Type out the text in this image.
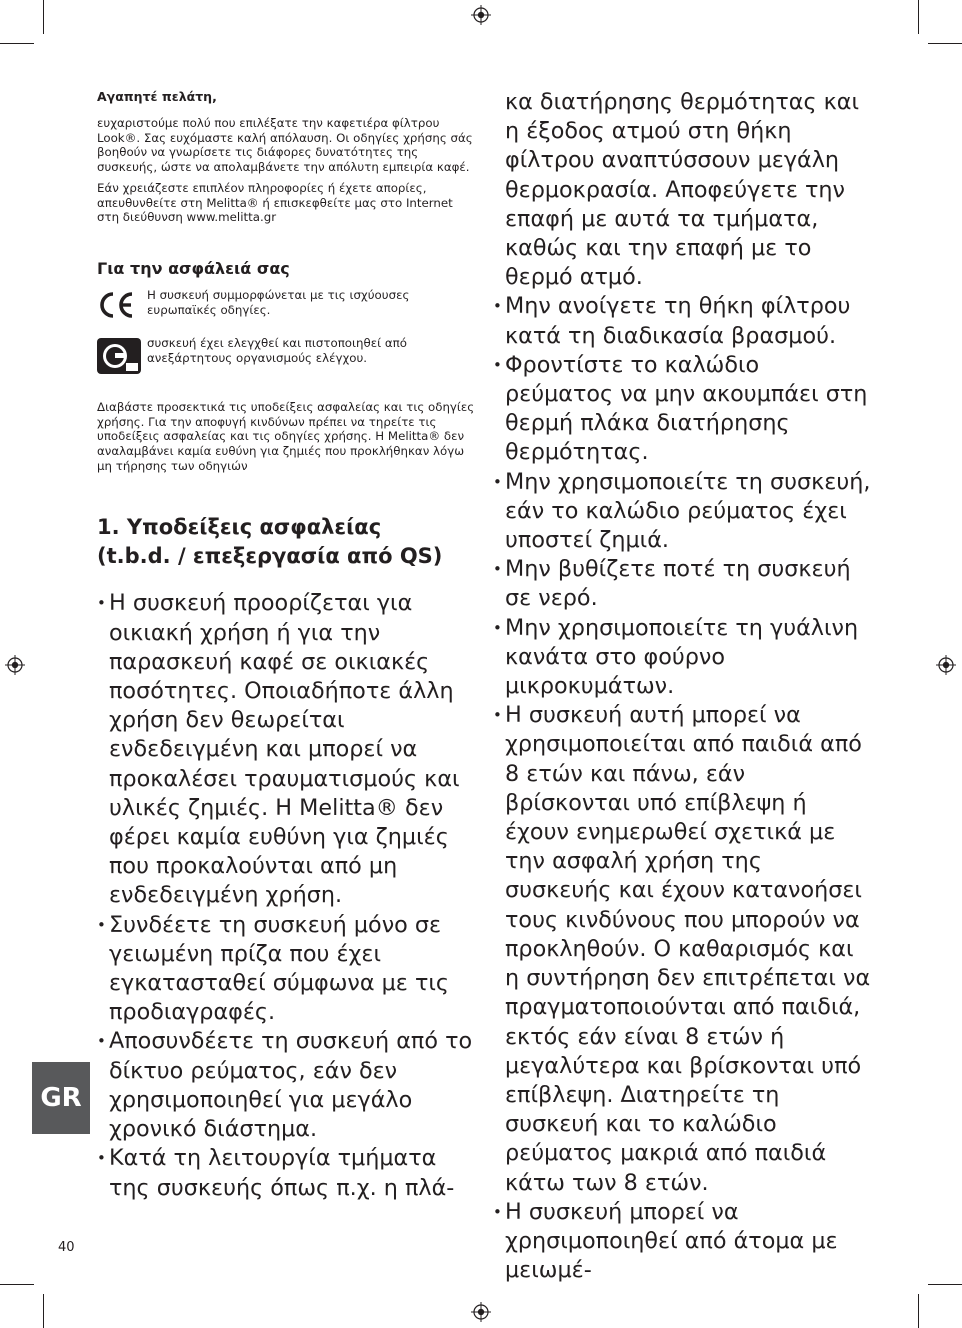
Αγαπητέ πελάτη,

ευχαριστούμε πολύ που επιλέξατε την καφετιέρα φίλτρου Look®. Σας ευχόμαστε καλή απόλαυση. Οι οδηγίες χρήσης σάς βοηθούν να γνωρίσετε τις διάφορες δυνατότητες της συσκευής, ώστε να απολαμβάνετε την απόλυτη εμπειρία καφέ.

Εάν χρειάζεστε επιπλέον πληροφορίες ή έχετε απορίες, απευθυνθείτε στη Melitta® ή επισκεφθείτε μας στο Internet στη διεύθυνση www.melitta.gr

Για την ασφάλειά σας
Η συσκευή συμμορφώνεται με τις ισχύουσες ευρωπαϊκές οδηγίες.
συσκευή έχει ελεγχθεί και πιστοποιηθεί από ανεξάρτητους οργανισμούς ελέγχου.

Διαβάστε προσεκτικά τις υποδείξεις ασφαλείας και τις οδηγίες χρήσης. Για την αποφυγή κινδύνων πρέπει να τηρείτε τις υποδείξεις ασφαλείας και τις οδηγίες χρήσης. Η Melitta® δεν αναλαμβάνει καμία ευθύνη για ζημιές που προκλήθηκαν λόγω μη τήρησης των οδηγιών

1. Υποδείξεις ασφαλείας
(t.b.d. / επεξεργασία από QS)
• Η συσκευή προορίζεται για οικιακή χρήση ή για την παρασκευή καφέ σε οικιακές ποσότητες. Οποιαδήποτε άλλη χρήση δεν θεωρείται ενδεδειγμένη και μπορεί να προκαλέσει τραυματισμούς και υλικές ζημιές. Η Melitta® δεν φέρει καμία ευθύνη για ζημιές που προκαλούνται από μη ενδεδειγμένη χρήση.
• Συνδέετε τη συσκευή μόνο σε γειωμένη πρίζα που έχει εγκατασταθεί σύμφωνα με τις προδιαγραφές.
• Αποσυνδέετε τη συσκευή από το δίκτυο ρεύματος, εάν δεν χρησιμοποιηθεί για μεγάλο χρονικό διάστημα.
• Κατά τη λειτουργία τμήματα της συσκευής όπως π.χ. η πλά-
κα διατήρησης θερμότητας και η έξοδος ατμού στη θήκη φίλτρου αναπτύσσουν μεγάλη θερμοκρασία. Αποφεύγετε την επαφή με αυτά τα τμήματα, καθώς και την επαφή με το θερμό ατμό.
• Μην ανοίγετε τη θήκη φίλτρου κατά τη διαδικασία βρασμού.
• Φροντίστε το καλώδιο ρεύματος να μην ακουμπάει στη θερμή πλάκα διατήρησης θερμότητας.
• Μην χρησιμοποιείτε τη συσκευή, εάν το καλώδιο ρεύματος έχει υποστεί ζημιά.
• Μην βυθίζετε ποτέ τη συσκευή σε νερό.
• Μην χρησιμοποιείτε τη γυάλινη κανάτα στο φούρνο μικροκυμάτων.
• Η συσκευή αυτή μπορεί να χρησιμοποιείται από παιδιά από 8 ετών και πάνω, εάν βρίσκονται υπό επίβλεψη ή έχουν ενημερωθεί σχετικά με την ασφαλή χρήση της συσκευής και έχουν κατανοήσει τους κινδύνους που μπορούν να προκληθούν. Ο καθαρισμός και η συντήρηση δεν επιτρέπεται να πραγματοποιούνται από παιδιά, εκτός εάν είναι 8 ετών ή μεγαλύτερα και βρίσκονται υπό επίβλεψη. Διατηρείτε τη συσκευή και το καλώδιο ρεύματος μακριά από παιδιά κάτω των 8 ετών.
• Η συσκευή μπορεί να χρησιμοποιηθεί από άτομα με μειωμέ-
GR
40
